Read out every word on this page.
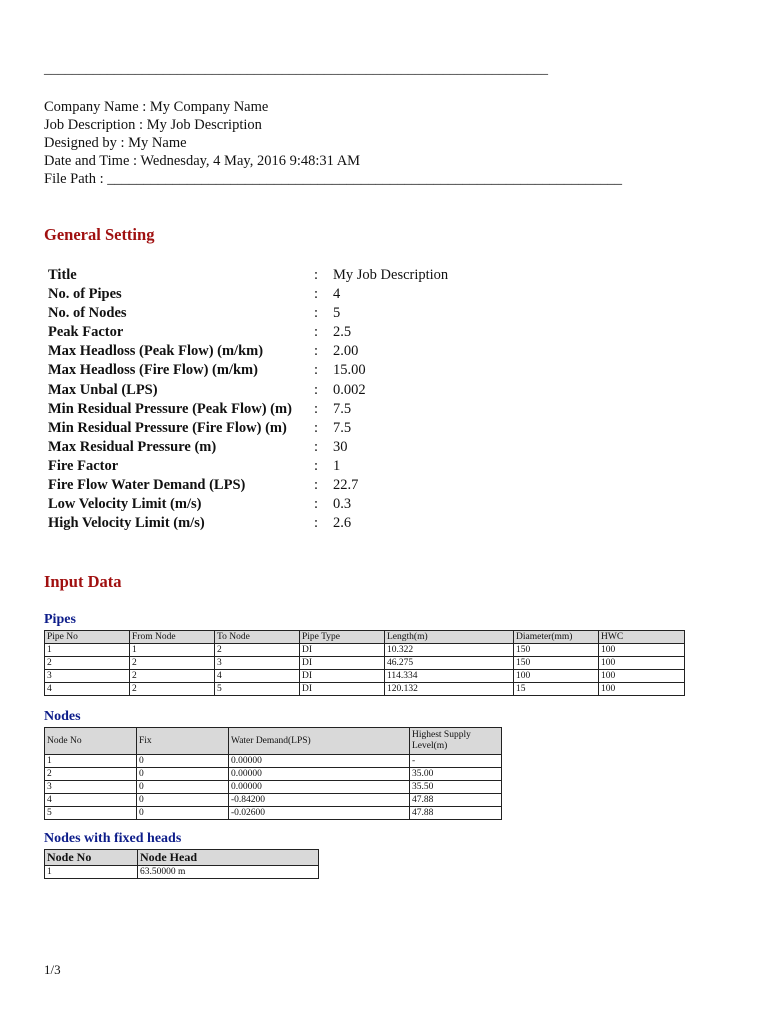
________________________________________________________________________
Company Name : My Company Name
Job Description : My Job Description
Designed by : My Name
Date and Time : Wednesday, 4 May, 2016 9:48:31 AM
File Path : _______________________________________________________________________
General Setting
Title	:	My Job Description
No. of Pipes	:	4
No. of Nodes	:	5
Peak Factor	:	2.5
Max Headloss (Peak Flow) (m/km)	:	2.00
Max Headloss (Fire Flow) (m/km)	:	15.00
Max Unbal (LPS)	:	0.002
Min Residual Pressure (Peak Flow) (m)	:	7.5
Min Residual Pressure (Fire Flow) (m)	:	7.5
Max Residual Pressure (m)	:	30
Fire Factor	:	1
Fire Flow Water Demand (LPS)	:	22.7
Low Velocity Limit (m/s)	:	0.3
High Velocity Limit (m/s)	:	2.6
Input Data
Pipes
Pipe No	From Node	To Node	Pipe Type	Length(m)	Diameter(mm)	HWC
1	1	2	DI	10.322	150	100
2	2	3	DI	46.275	150	100
3	2	4	DI	114.334	100	100
4	2	5	DI	120.132	15	100
Nodes
Node No	Fix	Water Demand(LPS)	Highest Supply Level(m)
1	0	0.00000	-
2	0	0.00000	35.00
3	0	0.00000	35.50
4	0	-0.84200	47.88
5	0	-0.02600	47.88
Nodes with fixed heads
Node No	Node Head
1	63.50000 m
1/3
